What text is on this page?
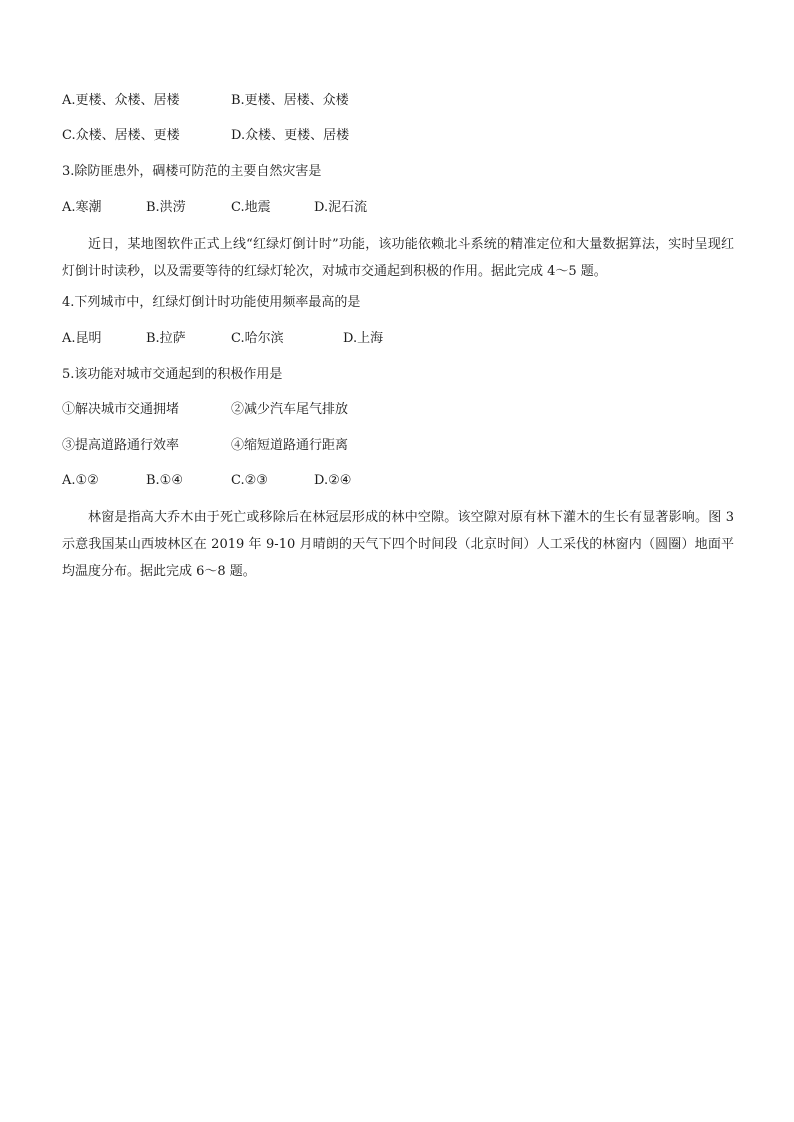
A.更楼、众楼、居楼	B.更楼、居楼、众楼
C.众楼、居楼、更楼	D.众楼、更楼、居楼
3.除防匪患外，碉楼可防范的主要自然灾害是
A.寒潮	B.洪涝	C.地震	D.泥石流
近日，某地图软件正式上线“红绿灯倒计时”功能，该功能依赖北斗系统的精准定位和大量数据算法，实时呈现红灯倒计时读秒，以及需要等待的红绿灯轮次，对城市交通起到积极的作用。据此完成 4～5 题。
4.下列城市中，红绿灯倒计时功能使用频率最高的是
A.昆明	B.拉萨	C.哈尔滨	D.上海
5.该功能对城市交通起到的积极作用是
①解决城市交通拥堵	②减少汽车尾气排放
③提高道路通行效率	④缩短道路通行距离
A.①②	B.①④	C.②③	D.②④
林窗是指高大乔木由于死亡或移除后在林冠层形成的林中空隙。该空隙对原有林下灌木的生长有显著影响。图 3 示意我国某山西坡林区在 2019 年 9-10 月晴朗的天气下四个时间段（北京时间）人工采伐的林窗内（圆圈）地面平均温度分布。据此完成 6～8 题。
